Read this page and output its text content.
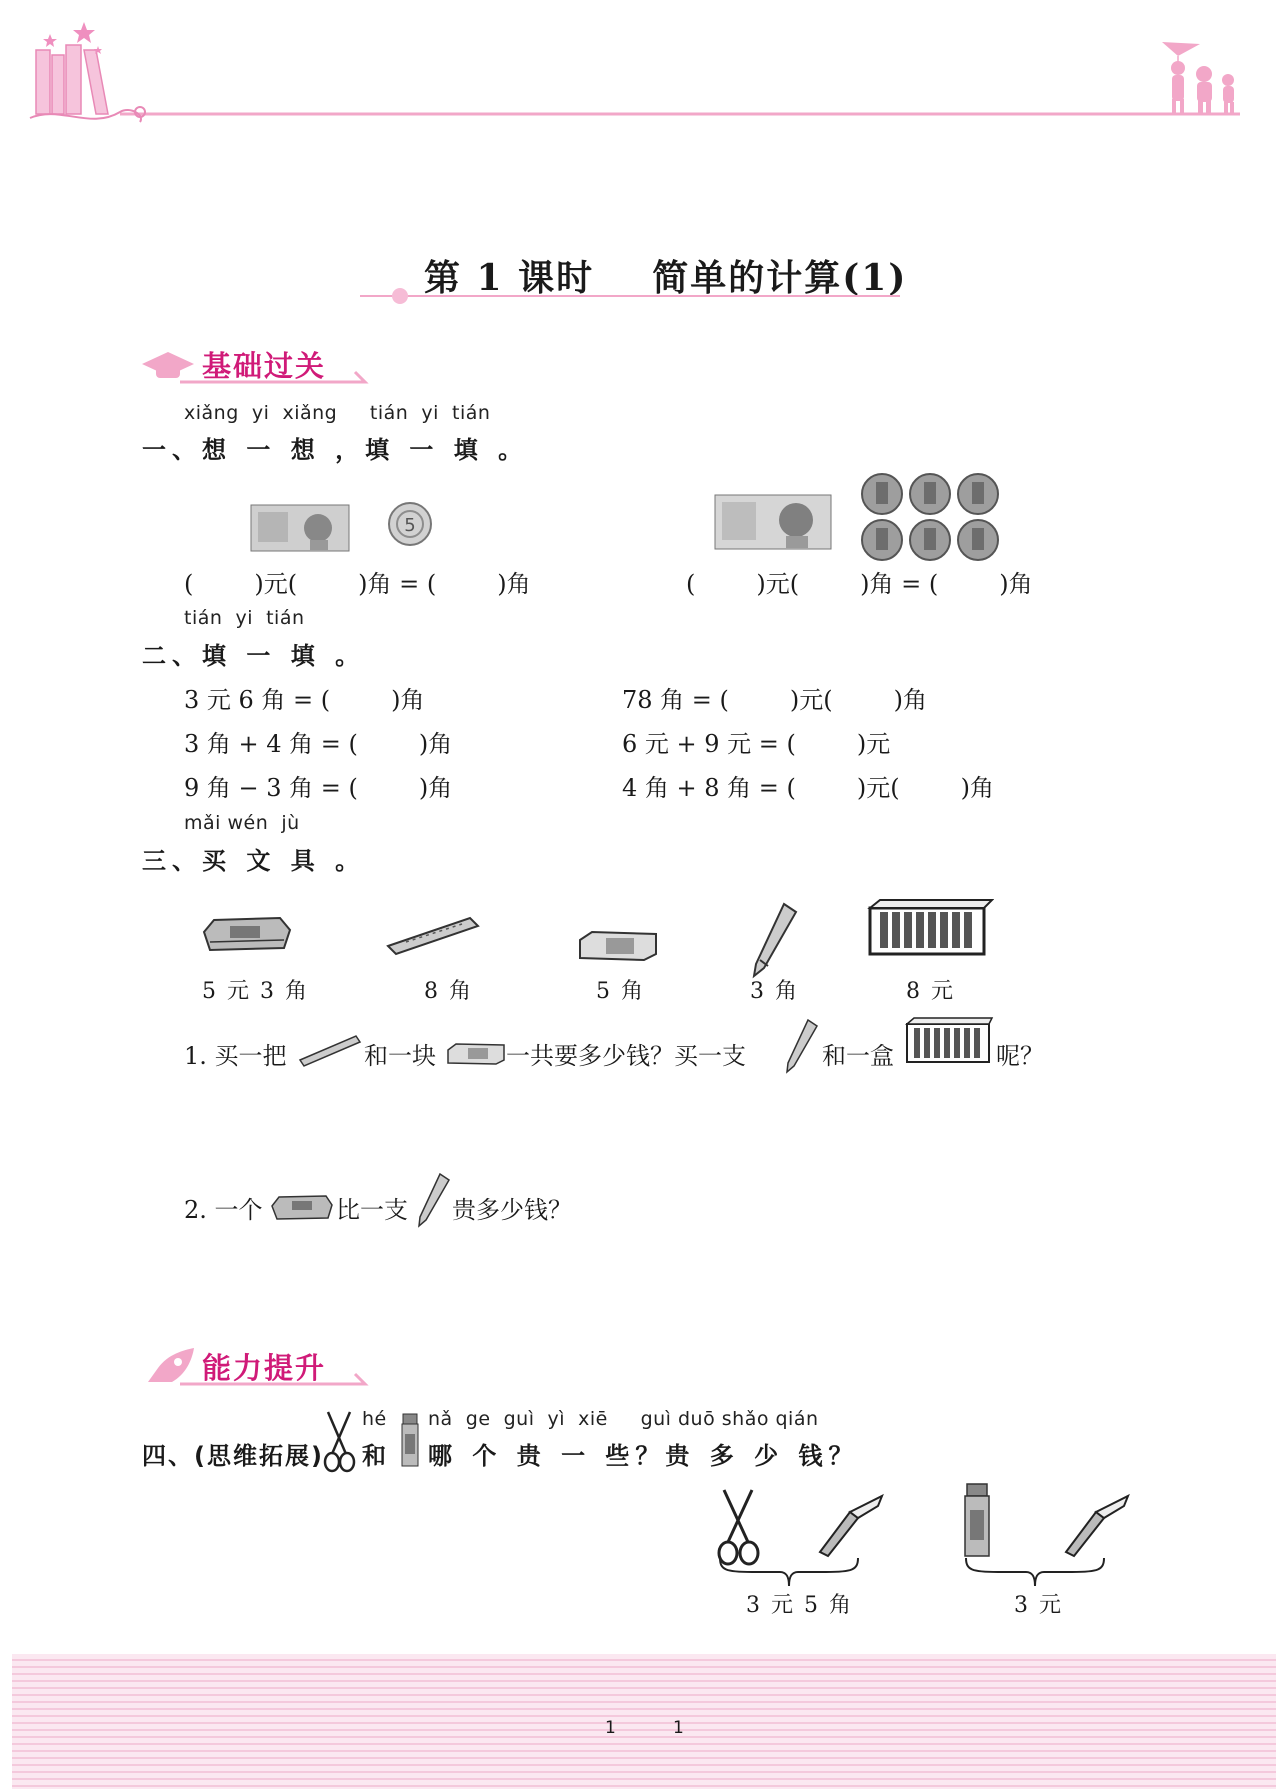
第 1 课时    简单的计算(1)
基础过关
xiǎng  yi  xiǎng     tián  yi  tián
一、想 一 想 ，填 一 填 。
5
(        )元(        )角 = (        )角	(        )元(        )角 = (        )角
tián  yi  tián
二、填 一 填 。
3 元 6 角 = (        )角	78 角 = (        )元(        )角
3 角 + 4 角 = (        )角	6 元 + 9 元 = (        )元
9 角 − 3 角 = (        )角	4 角 + 8 角 = (        )元(        )角
mǎi wén  jù
三、买 文 具 。
5 元 3 角	8 角	5 角	3 角	8 元
1. 买一把	和一块	一共要多少钱？买一支	和一盒	呢？
2. 一个	比一支 贵多少钱？
能力提升
hé nǎ  ge  guì  yì  xiē     guì duō shǎo qián
四、(思维拓展) 和 哪 个 贵 一 些？贵 多 少 钱？
3 元 5 角	3 元
1	1
